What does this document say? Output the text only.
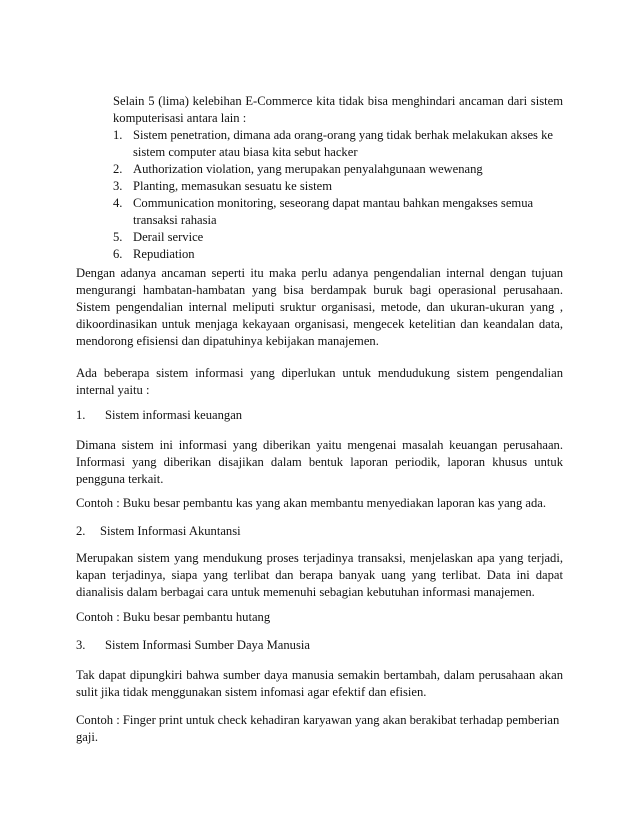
Selain 5 (lima) kelebihan E-Commerce kita tidak bisa menghindari ancaman dari sistem komputerisasi antara lain :

1. Sistem penetration, dimana ada orang-orang yang tidak berhak melakukan akses ke sistem computer atau biasa kita sebut hacker
2. Authorization violation, yang merupakan penyalahgunaan wewenang
3. Planting, memasukan sesuatu ke sistem
4. Communication monitoring, seseorang dapat mantau bahkan mengakses semua transaksi rahasia
5. Derail service
6. Repudiation

Dengan adanya ancaman seperti itu maka perlu adanya pengendalian internal dengan tujuan mengurangi hambatan-hambatan yang bisa berdampak buruk bagi operasional perusahaan. Sistem pengendalian internal meliputi sruktur organisasi, metode, dan ukuran-ukuran yang , dikoordinasikan untuk menjaga kekayaan organisasi, mengecek ketelitian dan keandalan data, mendorong efisiensi dan dipatuhinya kebijakan manajemen.

Ada beberapa sistem informasi yang diperlukan untuk mendudukung sistem pengendalian internal yaitu :

1. Sistem informasi keuangan

Dimana sistem ini informasi yang diberikan yaitu mengenai masalah keuangan perusahaan. Informasi yang diberikan disajikan dalam bentuk laporan periodik, laporan khusus untuk pengguna terkait.

Contoh : Buku besar pembantu kas yang akan membantu menyediakan laporan kas yang ada.

2. Sistem Informasi Akuntansi

Merupakan sistem yang mendukung proses terjadinya transaksi, menjelaskan apa yang terjadi, kapan terjadinya, siapa yang terlibat dan berapa banyak uang yang terlibat. Data ini dapat dianalisis dalam berbagai cara untuk memenuhi sebagian kebutuhan informasi manajemen.

Contoh : Buku besar pembantu hutang

3. Sistem Informasi Sumber Daya Manusia

Tak dapat dipungkiri bahwa sumber daya manusia semakin bertambah, dalam perusahaan akan sulit jika tidak menggunakan sistem infomasi agar efektif dan efisien.

Contoh : Finger print untuk check kehadiran karyawan yang akan berakibat terhadap pemberian gaji.
